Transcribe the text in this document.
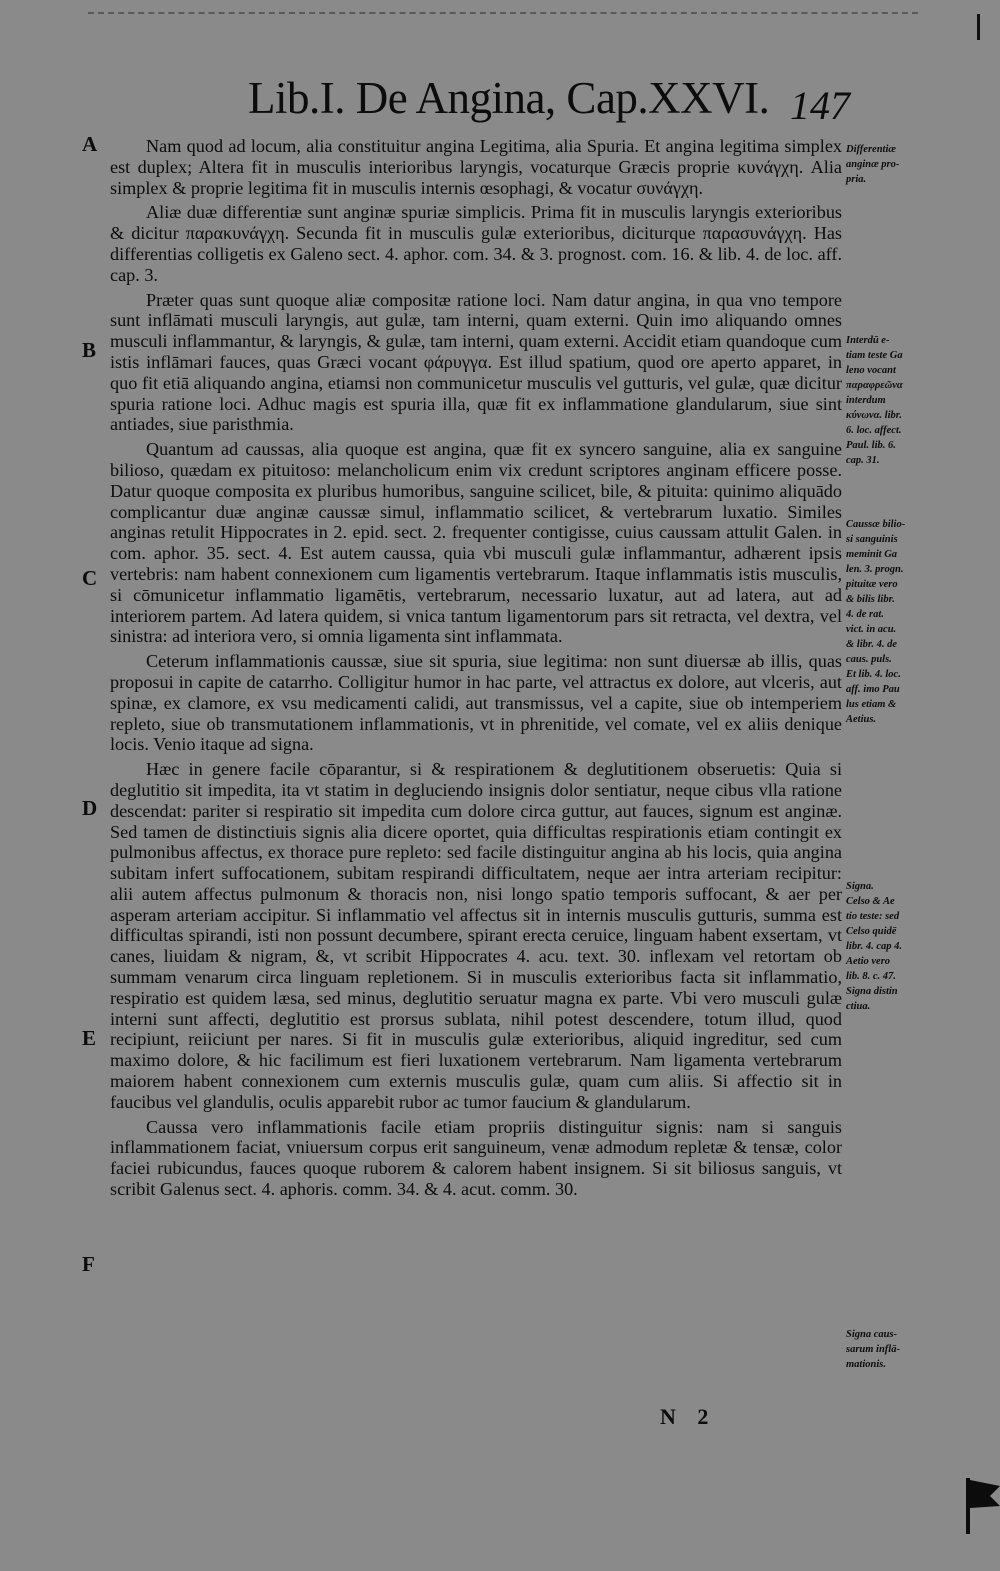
Lib.I. De Angina, Cap.XXVI. 147
A
B
C
D
E
F

Nam quod ad locum, alia constituitur angina Legitima, alia Spuria. Et angina legitima simplex est duplex; Altera fit in musculis interioribus laryngis, vocaturque Græcis proprie κυνάγχη. Alia simplex & proprie legitima fit in musculis internis œsophagi, & vocatur συνάγχη.

Aliæ duæ differentiæ sunt anginæ spuriæ simplicis. Prima fit in musculis laryngis exterioribus & dicitur παρακυνάγχη. Secunda fit in musculis gulæ exterioribus, diciturque παρασυνάγχη. Has differentias colligetis ex Galeno sect. 4. aphor. com. 34. & 3. prognost. com. 16. & lib. 4. de loc. aff. cap. 3.

Præter quas sunt quoque aliæ compositæ ratione loci. Nam datur angina, in qua vno tempore sunt inflāmati musculi laryngis, aut gulæ, tam interni, quam externi. Quin imo aliquando omnes musculi inflammantur, & laryngis, & gulæ, tam interni, quam externi. Accidit etiam quandoque cum istis inflāmari fauces, quas Græci vocant φάρυγγα. Est illud spatium, quod ore aperto apparet, in quo fit etiā aliquando angina, etiamsi non communicetur musculis vel gutturis, vel gulæ, quæ dicitur spuria ratione loci. Adhuc magis est spuria illa, quæ fit ex inflammatione glandularum, siue sint antiades, siue paristhmia.

Quantum ad caussas, alia quoque est angina, quæ fit ex syncero sanguine, alia ex sanguine bilioso, quædam ex pituitoso: melancholicum enim vix credunt scriptores anginam efficere posse. Datur quoque composita ex pluribus humoribus, sanguine scilicet, bile, & pituita: quinimo aliquādo complicantur duæ anginæ caussæ simul, inflammatio scilicet, & vertebrarum luxatio. Similes anginas retulit Hippocrates in 2. epid. sect. 2. frequenter contigisse, cuius caussam attulit Galen. in com. aphor. 35. sect. 4. Est autem caussa, quia vbi musculi gulæ inflammantur, adhærent ipsis vertebris: nam habent connexionem cum ligamentis vertebrarum. Itaque inflammatis istis musculis, si cōmunicetur inflammatio ligamētis, vertebrarum, necessario luxatur, aut ad latera, aut ad interiorem partem. Ad latera quidem, si vnica tantum ligamentorum pars sit retracta, vel dextra, vel sinistra: ad interiora vero, si omnia ligamenta sint inflammata.

Ceterum inflammationis caussæ, siue sit spuria, siue legitima: non sunt diuersæ ab illis, quas proposui in capite de catarrho. Colligitur humor in hac parte, vel attractus ex dolore, aut vlceris, aut spinæ, ex clamore, ex vsu medicamenti calidi, aut transmissus, vel a capite, siue ob intemperiem repleto, siue ob transmutationem inflammationis, vt in phrenitide, vel comate, vel ex aliis denique locis. Venio itaque ad signa.

Hæc in genere facile cōparantur, si & respirationem & deglutitionem obseruetis: Quia si deglutitio sit impedita, ita vt statim in degluciendo insignis dolor sentiatur, neque cibus vlla ratione descendat: pariter si respiratio sit impedita cum dolore circa guttur, aut fauces, signum est anginæ. Sed tamen de distinctiuis signis alia dicere oportet, quia difficultas respirationis etiam contingit ex pulmonibus affectus, ex thorace pure repleto: sed facile distinguitur angina ab his locis, quia angina subitam infert suffocationem, subitam respirandi difficultatem, neque aer intra arteriam recipitur: alii autem affectus pulmonum & thoracis non, nisi longo spatio temporis suffocant, & aer per asperam arteriam accipitur. Si inflammatio vel affectus sit in internis musculis gutturis, summa est difficultas spirandi, isti non possunt decumbere, spirant erecta ceruice, linguam habent exsertam, vt canes, liuidam & nigram, &, vt scribit Hippocrates 4. acu. text. 30. inflexam vel retortam ob summam venarum circa linguam repletionem. Si in musculis exterioribus facta sit inflammatio, respiratio est quidem læsa, sed minus, deglutitio seruatur magna ex parte. Vbi vero musculi gulæ interni sunt affecti, deglutitio est prorsus sublata, nihil potest descendere, totum illud, quod recipiunt, reiiciunt per nares. Si fit in musculis gulæ exterioribus, aliquid ingreditur, sed cum maximo dolore, & hic facilimum est fieri luxationem vertebrarum. Nam ligamenta vertebrarum maiorem habent connexionem cum externis musculis gulæ, quam cum aliis. Si affectio sit in faucibus vel glandulis, oculis apparebit rubor ac tumor faucium & glandularum.

Caussa vero inflammationis facile etiam propriis distinguitur signis: nam si sanguis inflammationem faciat, vniuersum corpus erit sanguineum, venæ admodum repletæ & tensæ, color faciei rubicundus, fauces quoque ruborem & calorem habent insignem. Si sit biliosus sanguis, vt scribit Galenus sect. 4. aphoris. comm. 34. & 4. acut. comm. 30.

Differentiæ
anginæ pro-
pria.
Interdū e-
tiam teste Ga
leno vocant
παραφρεῶνα
interdum
κύνωνα. libr.
6. loc. affect.
Paul. lib. 6.
cap. 31.
Caussæ bilio-
si sanguinis
meminit Ga
len. 3. progn.
pituitæ vero
& bilis libr.
4. de rat.
vict. in acu.
& libr. 4. de
caus. puls.
Et lib. 4. loc.
aff. imo Pau
lus etiam &
Aetius.
Signa.
Celso & Ae
tio teste: sed
Celso quidē
libr. 4. cap 4.
Aetio vero
lib. 8. c. 47.
Signa distin
ctiua.
Signa caus-
sarum inflā-
mationis.
N 2
